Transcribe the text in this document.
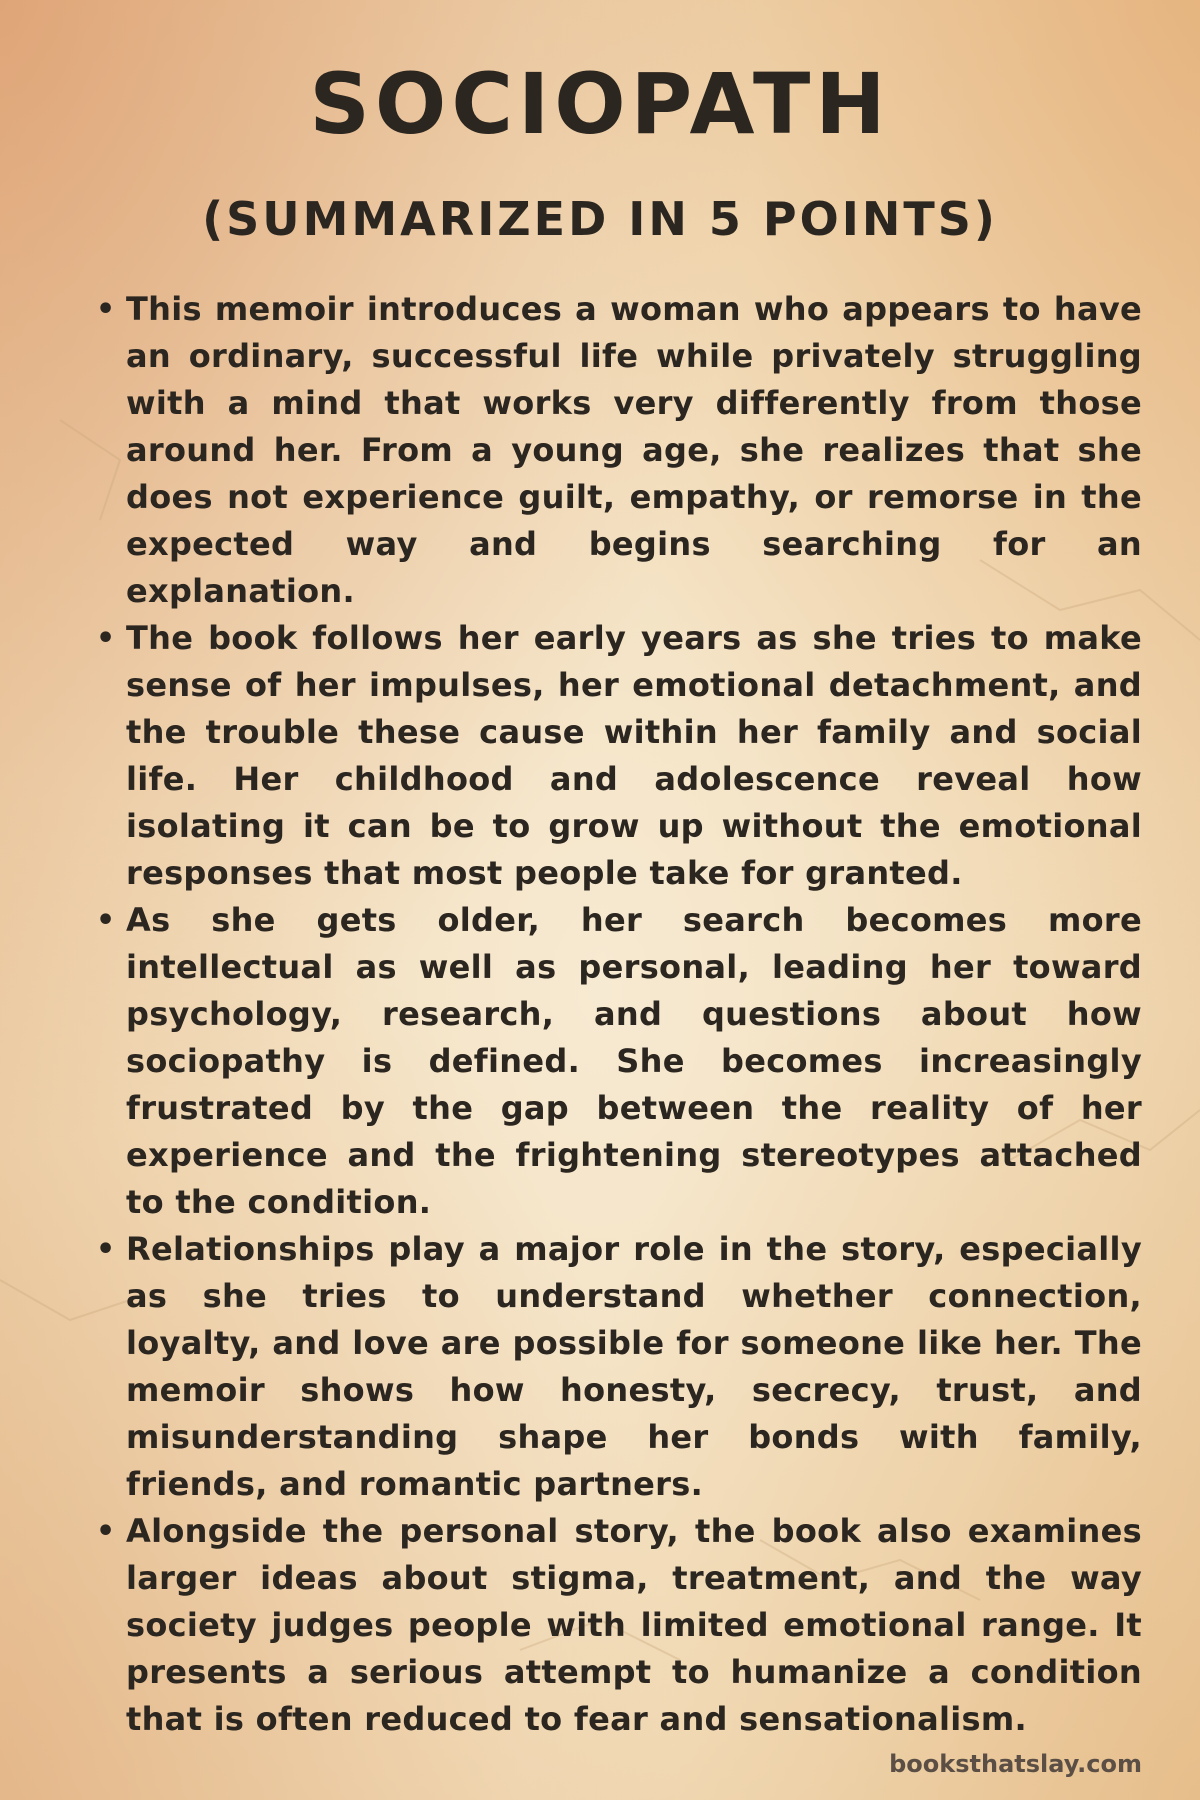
SOCIOPATH
(SUMMARIZED IN 5 POINTS)
• This memoir introduces a woman who appears to have an ordinary, successful life while privately struggling with a mind that works very differently from those around her. From a young age, she realizes that she does not experience guilt, empathy, or remorse in the expected way and begins searching for an explanation.
• The book follows her early years as she tries to make sense of her impulses, her emotional detachment, and the trouble these cause within her family and social life. Her childhood and adolescence reveal how isolating it can be to grow up without the emotional responses that most people take for granted.
• As she gets older, her search becomes more intellectual as well as personal, leading her toward psychology, research, and questions about how sociopathy is defined. She becomes increasingly frustrated by the gap between the reality of her experience and the frightening stereotypes attached to the condition.
• Relationships play a major role in the story, especially as she tries to understand whether connection, loyalty, and love are possible for someone like her. The memoir shows how honesty, secrecy, trust, and misunderstanding shape her bonds with family, friends, and romantic partners.
• Alongside the personal story, the book also examines larger ideas about stigma, treatment, and the way society judges people with limited emotional range. It presents a serious attempt to humanize a condition that is often reduced to fear and sensationalism.
booksthatslay.com
